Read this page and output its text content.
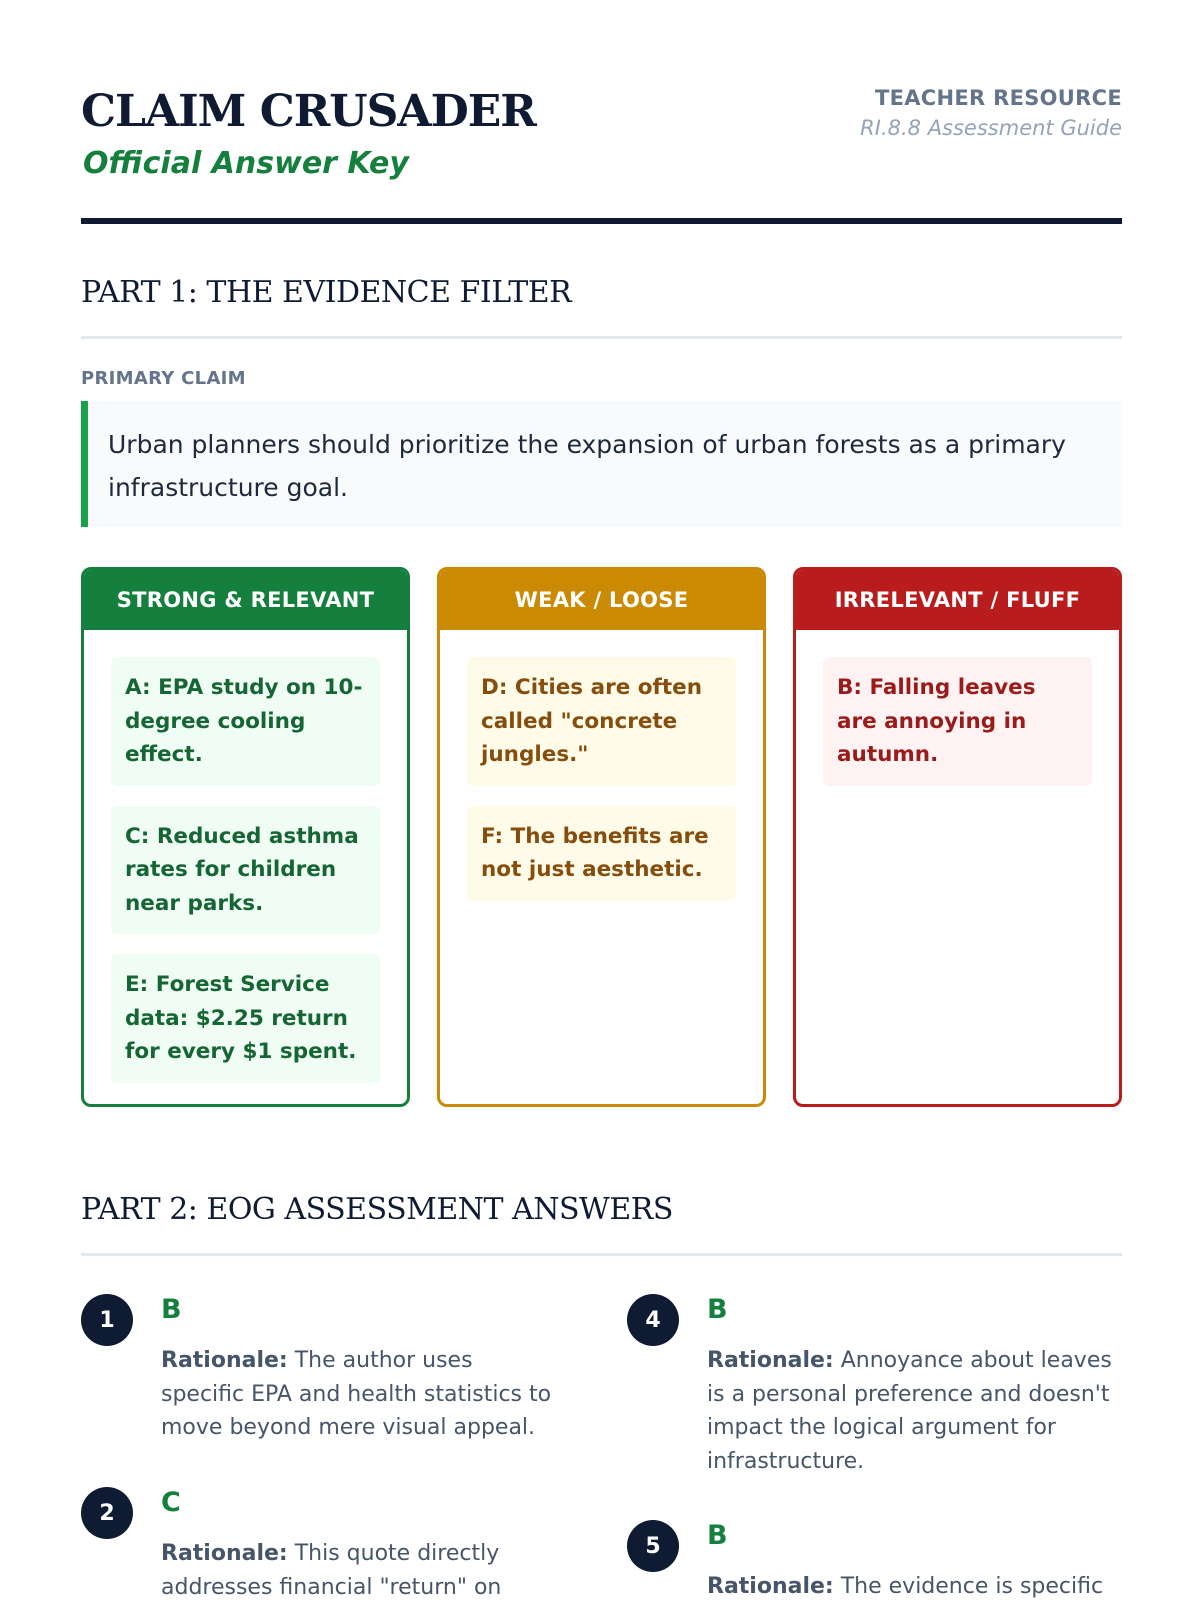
CLAIM CRUSADER
Official Answer Key
TEACHER RESOURCE
RI.8.8 Assessment Guide
PART 1: THE EVIDENCE FILTER
PRIMARY CLAIM
Urban planners should prioritize the expansion of urban forests as a primary infrastructure goal.
STRONG & RELEVANT
A: EPA study on 10-degree cooling effect.
C: Reduced asthma rates for children near parks.
E: Forest Service data: $2.25 return for every $1 spent.
WEAK / LOOSE
D: Cities are often called "concrete jungles."
F: The benefits are not just aesthetic.
IRRELEVANT / FLUFF
B: Falling leaves are annoying in autumn.
PART 2: EOG ASSESSMENT ANSWERS
1	B
Rationale: The author uses specific EPA and health statistics to move beyond mere visual appeal.
2	C
Rationale: This quote directly addresses financial "return" on
4	B
Rationale: Annoyance about leaves is a personal preference and doesn't impact the logical argument for infrastructure.
5	B
Rationale: The evidence is specific
